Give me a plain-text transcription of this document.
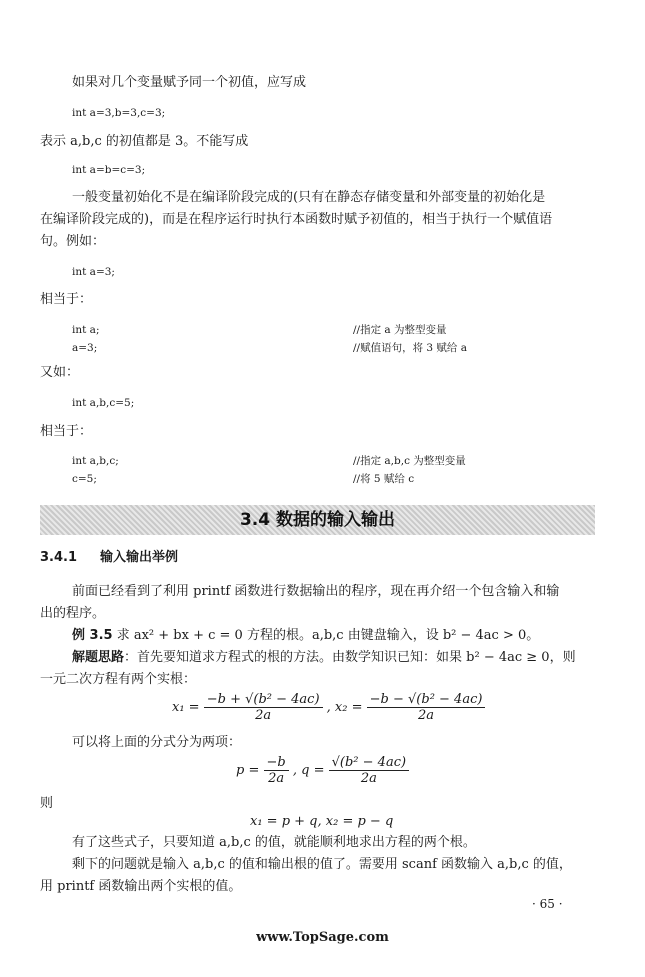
如果对几个变量赋予同一个初值，应写成
int a=3,b=3,c=3;
表示 a,b,c 的初值都是 3。不能写成
int a=b=c=3;
一般变量初始化不是在编译阶段完成的(只有在静态存储变量和外部变量的初始化是
在编译阶段完成的)，而是在程序运行时执行本函数时赋予初值的，相当于执行一个赋值语
句。例如：
int a=3;
相当于：
int a;	//指定 a 为整型变量
a=3;	//赋值语句，将 3 赋给 a
又如：
int a,b,c=5;
相当于：
int a,b,c;	//指定 a,b,c 为整型变量
c=5;	//将 5 赋给 c
3.4 数据的输入输出
3.4.1 输入输出举例
前面已经看到了利用 printf 函数进行数据输出的程序，现在再介绍一个包含输入和输
出的程序。
例 3.5 求 ax² + bx + c = 0 方程的根。a,b,c 由键盘输入，设 b² − 4ac > 0。
解题思路：首先要知道求方程式的根的方法。由数学知识已知：如果 b² − 4ac ≥ 0，则
一元二次方程有两个实根：
$x_1 = \frac{\text{−b + √(b² − 4ac)}}{2a}$ , $x_2 = \frac{\text{−b − √(b² − 4ac)}}{2a}$
可以将上面的分式分为两项：
$p = \frac{-b}{2a}$ , $q = \frac{\text{√(b² − 4ac)}}{2a}$
则
x₁ = p + q, x₂ = p − q
有了这些式子，只要知道 a,b,c 的值，就能顺利地求出方程的两个根。
剩下的问题就是输入 a,b,c 的值和输出根的值了。需要用 scanf 函数输入 a,b,c 的值，
用 printf 函数输出两个实根的值。
· 65 ·
www.TopSage.com
